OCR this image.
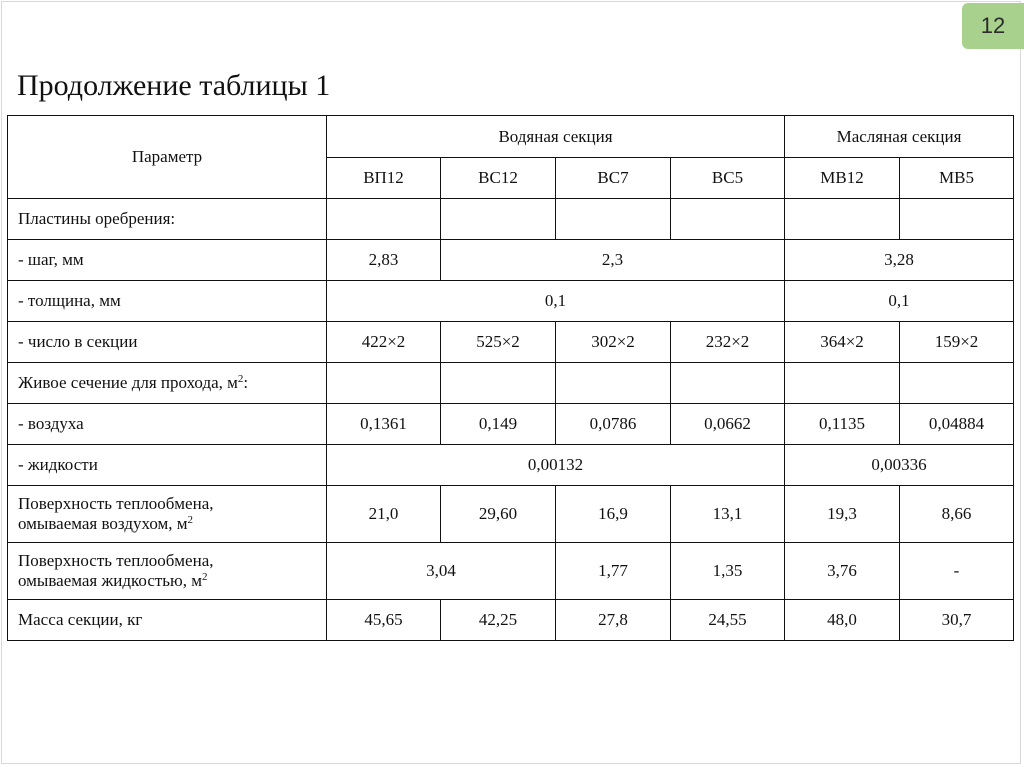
12
Продолжение таблицы 1
Параметр	Водяная секция				Масляная секция	
	ВП12	ВС12	ВС7	ВС5	МВ12	МВ5
Пластины оребрения:						
- шаг, мм	2,83	2,3			3,28	
- толщина, мм	0,1				0,1	
- число в секции	422×2	525×2	302×2	232×2	364×2	159×2
Живое сечение для прохода, $м^2$:						
- воздуха	0,1361	0,149	0,0786	0,0662	0,1135	0,04884
- жидкости	0,00132				0,00336	
Поверхность теплообмена,
омываемая воздухом, $м^2$	21,0	29,60	16,9	13,1	19,3	8,66
Поверхность теплообмена,
омываемая жидкостью, $м^2$	3,04		1,77	1,35	3,76	-
Масса секции, кг	45,65	42,25	27,8	24,55	48,0	30,7
